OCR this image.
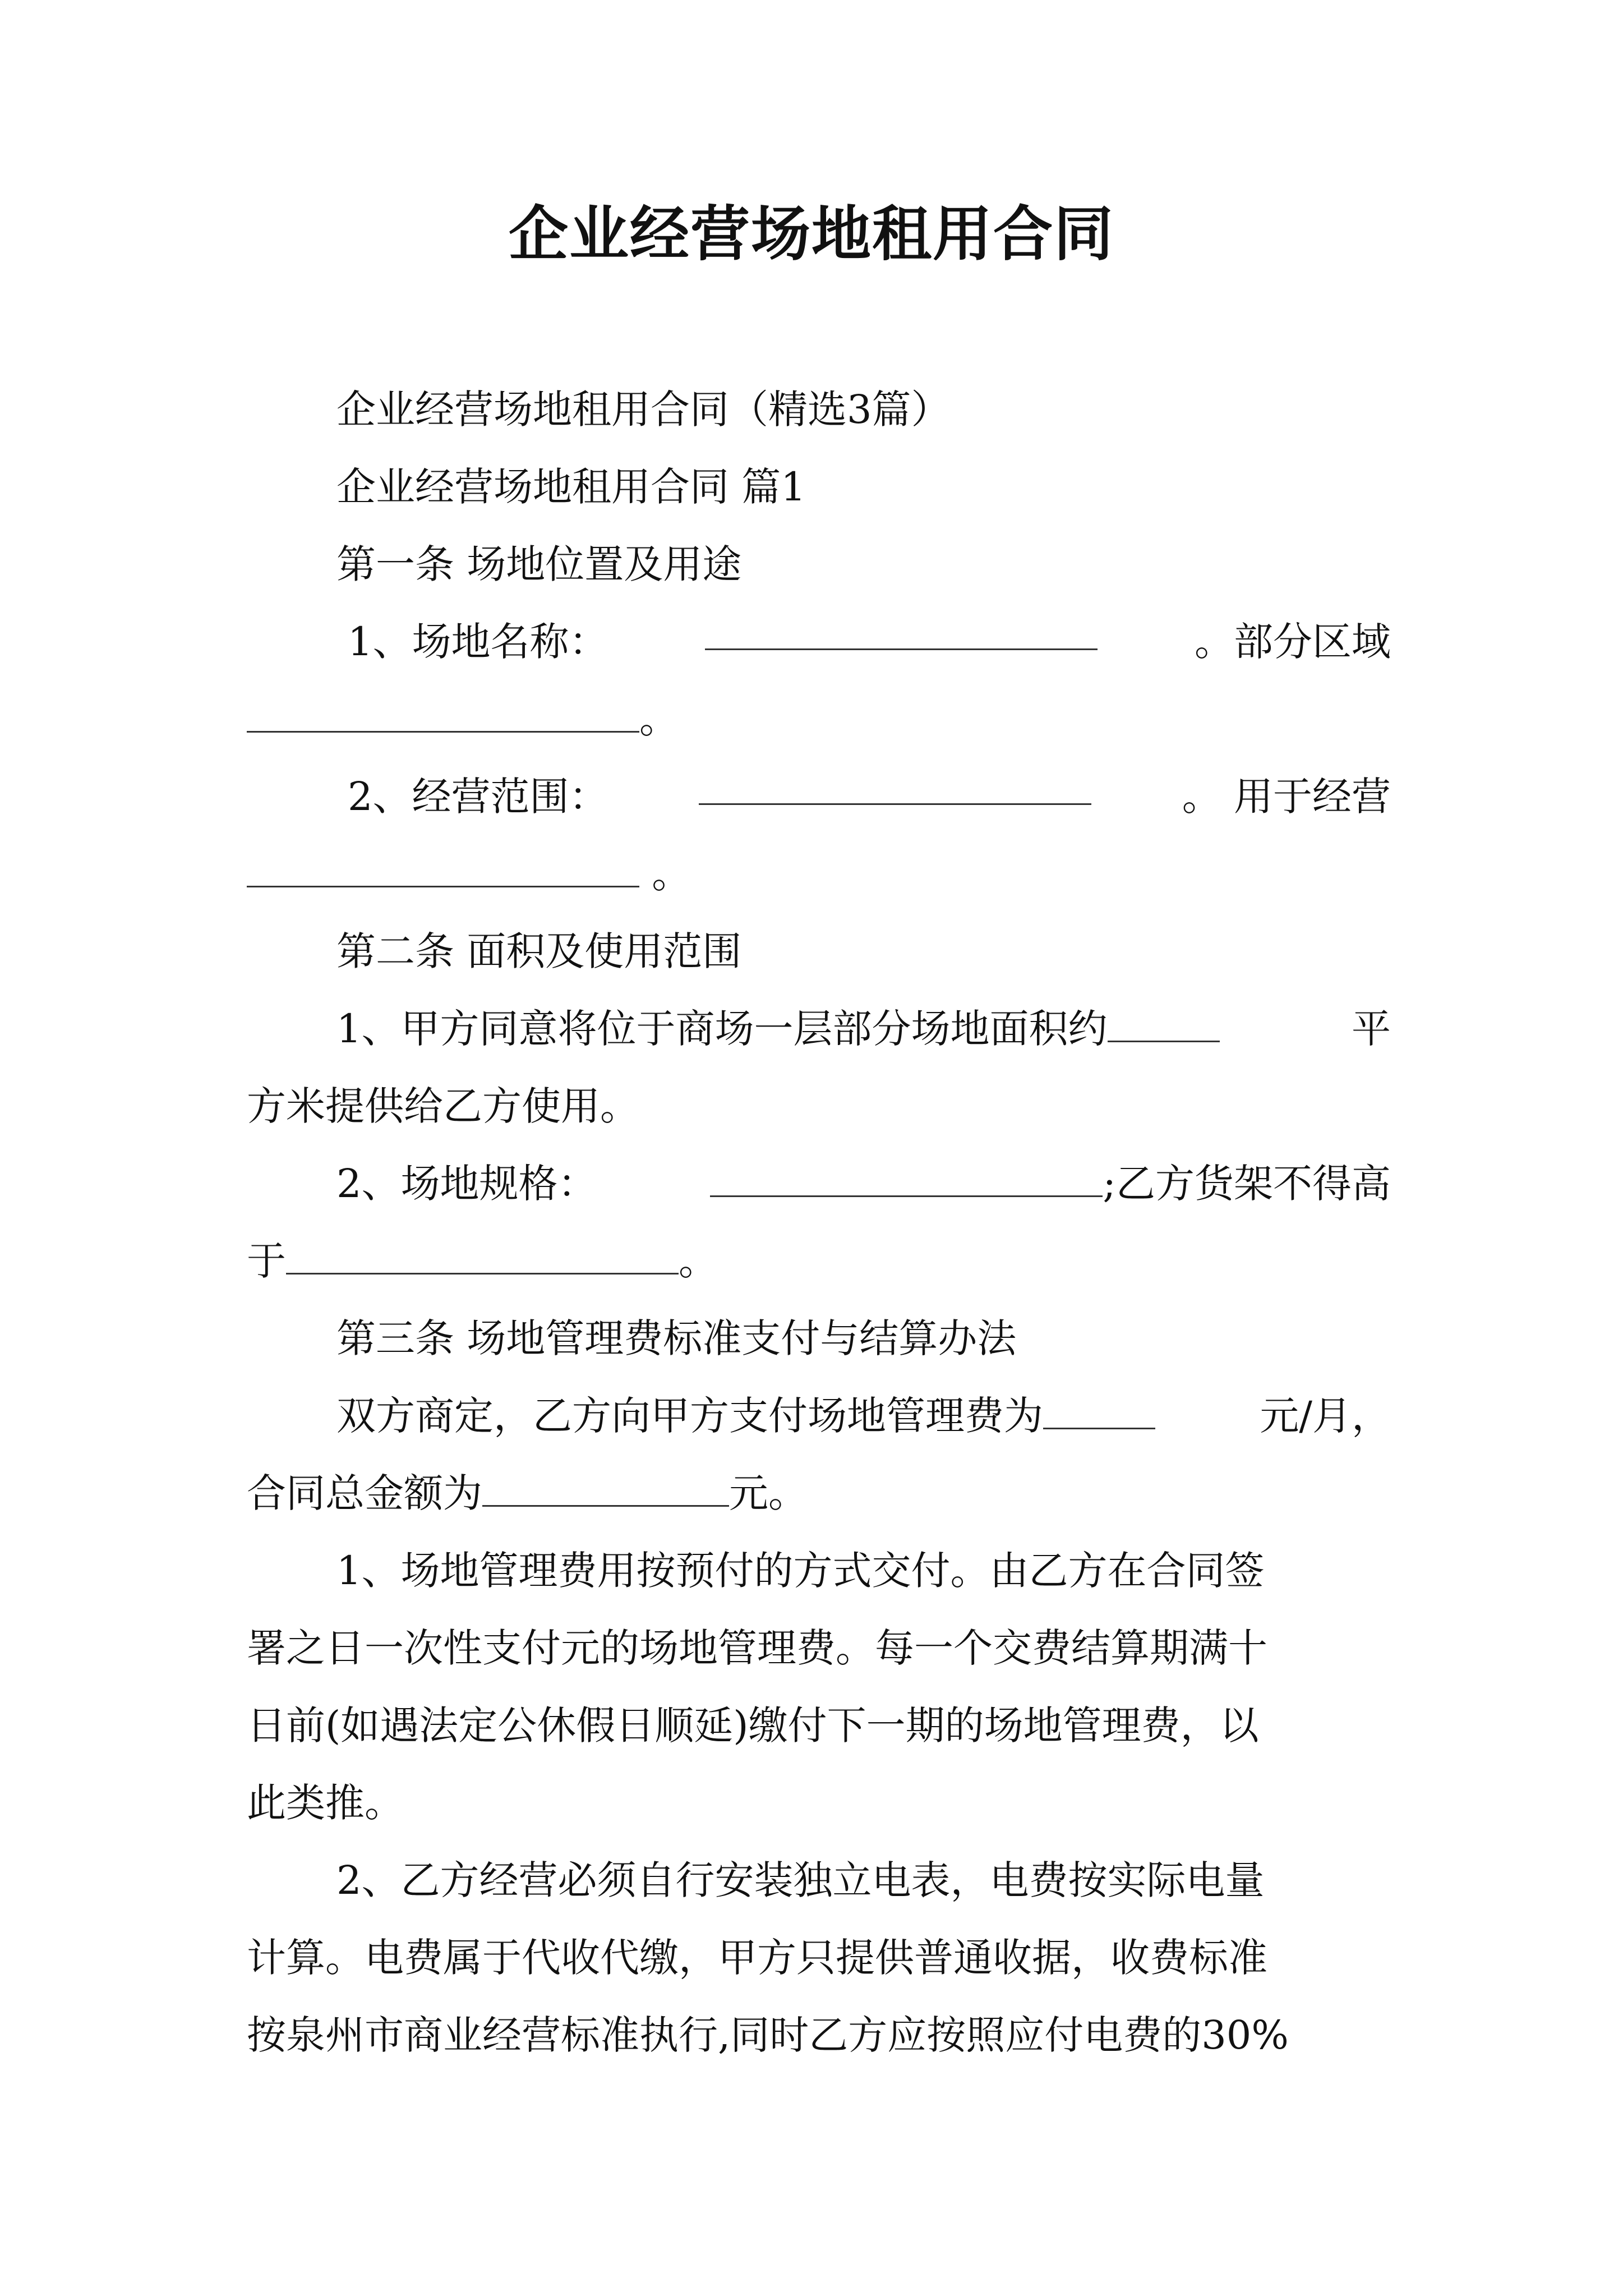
企业经营场地租用合同
企业经营场地租用合同（精选3篇）
企业经营场地租用合同 篇1
第一条 场地位置及用途
1、场地名称：	。部分区域
。
2、经营范围：	。 用于经营
。
第二条 面积及使用范围
1、甲方同意将位于商场一层部分场地面积约	平
方米提供给乙方使用。
2、场地规格：	;乙方货架不得高
于	。
第三条 场地管理费标准支付与结算办法
双方商定，乙方向甲方支付场地管理费为	元/月，
合同总金额为	元。
1、场地管理费用按预付的方式交付。由乙方在合同签
署之日一次性支付元的场地管理费。每一个交费结算期满十
日前(如遇法定公休假日顺延)缴付下一期的场地管理费，以
此类推。
2、乙方经营必须自行安装独立电表，电费按实际电量
计算。电费属于代收代缴，甲方只提供普通收据，收费标准
按泉州市商业经营标准执行,同时乙方应按照应付电费的30%
